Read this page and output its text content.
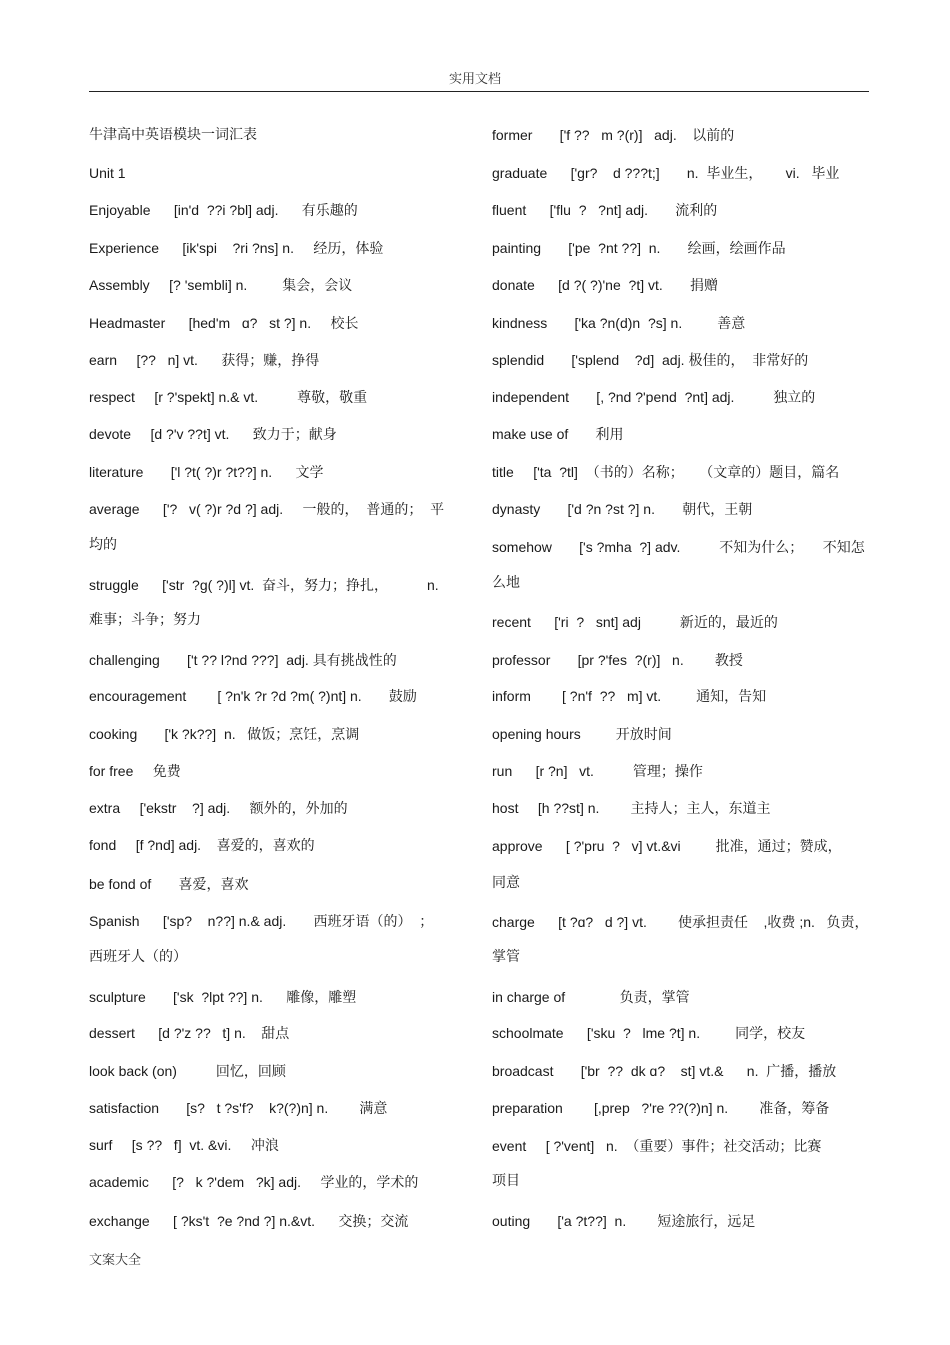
实用文档
牛津高中英语模块一词汇表
Unit 1
Enjoyable      [in'd  ??i ?bl] adj.      有乐趣的
Experience      [ik'spi    ?ri ?ns] n.     经历，体验
Assembly     [? 'sembli] n.         集会，会议
Headmaster      [hed'm   ɑ?   st ?] n.     校长
earn     [??   n] vt.      获得；赚，挣得
respect     [r ?'spekt] n.& vt.          尊敬，敬重
devote     [d ?'v ??t] vt.      致力于；献身
literature       ['l ?t( ?)r ?t??] n.      文学
average      ['?   v( ?)r ?d ?] adj.     一般的，  普通的；  平
均的
struggle      ['str  ?g( ?)l] vt.  奋斗，努力；挣扎，          n.
难事；斗争；努力
challenging       ['t ?? l?nd ???]  adj. 具有挑战性的
encouragement        [ ?n'k ?r ?d ?m( ?)nt] n.       鼓励
cooking       ['k ?k??]  n.   做饭；烹饪，烹调
for free     免费
extra     ['ekstr    ?] adj.     额外的，外加的
fond     [f ?nd] adj.    喜爱的，喜欢的
be fond of       喜爱，喜欢
Spanish      ['sp?    n??] n.& adj.       西班牙语（的）  ；
西班牙人（的）
sculpture       ['sk  ?lpt ??] n.      雕像，雕塑
dessert      [d ?'z ??   t] n.    甜点
look back (on)          回忆，回顾
satisfaction       [s?   t ?s'f?    k?(?)n] n.        满意
surf     [s ??   f]  vt. &vi.     冲浪
academic      [?   k ?'dem   ?k] adj.     学业的，学术的
exchange      [ ?ks't  ?e ?nd ?] n.&vt.      交换；交流
former       ['f ??   m ?(r)]   adj.    以前的
graduate      ['gr?    d ???t;]       n.  毕业生，      vi.   毕业
fluent      ['flu  ?   ?nt] adj.       流利的
painting       ['pe  ?nt ??]  n.       绘画，绘画作品
donate      [d ?( ?)'ne  ?t] vt.       捐赠
kindness       ['ka ?n(d)n  ?s] n.         善意
splendid       ['splend    ?d]  adj. 极佳的，  非常好的
independent       [, ?nd ?'pend  ?nt] adj.          独立的
make use of       利用
title     ['ta  ?tl]  （书的）名称；    （文章的）题目，篇名
dynasty       ['d ?n ?st ?] n.       朝代，王朝
somehow       ['s ?mha  ?] adv.          不知为什么；     不知怎
么地
recent      ['ri  ?   snt] adj          新近的，最近的
professor       [pr ?'fes  ?(r)]   n.        教授
inform        [ ?n'f  ??   m] vt.         通知，告知
opening hours         开放时间
run      [r ?n]   vt.          管理；操作
host     [h ??st] n.        主持人；主人，东道主
approve      [ ?'pru  ?   v] vt.&vi         批准，通过；赞成，
同意
charge      [t ?ɑ?   d ?] vt.        使承担责任    ,收费 ;n.   负责，
掌管
in charge of              负责，掌管
schoolmate      ['sku  ?   lme ?t] n.         同学，校友
broadcast       ['br  ??  dk ɑ?    st] vt.&      n.  广播，播放
preparation        [,prep   ?'re ??(?)n] n.        准备，筹备
event     [ ?'vent]   n.  （重要）事件；社交活动；比赛
项目
outing       ['a ?t??]  n.        短途旅行，远足
文案大全
